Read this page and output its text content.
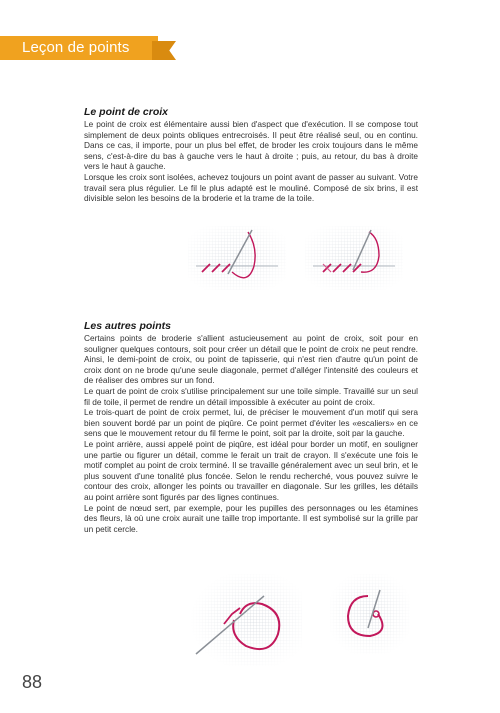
Leçon de points
Le point de croix

Le point de croix est élémentaire aussi bien d'aspect que d'exécution. Il se compose tout simplement de deux points obliques entrecroisés. Il peut être réalisé seul, ou en continu. Dans ce cas, il importe, pour un plus bel effet, de broder les croix toujours dans le même sens, c'est-à-dire du bas à gauche vers le haut à droite ; puis, au retour, du bas à droite vers le haut à gauche.

Lorsque les croix sont isolées, achevez toujours un point avant de passer au suivant. Votre travail sera plus régulier. Le fil le plus adapté est le mouliné. Composé de six brins, il est divisible selon les besoins de la broderie et la trame de la toile.

Les autres points

Certains points de broderie s'allient astucieusement au point de croix, soit pour en souligner quelques contours, soit pour créer un détail que le point de croix ne peut rendre. Ainsi, le demi-point de croix, ou point de tapisserie, qui n'est rien d'autre qu'un point de croix dont on ne brode qu'une seule diagonale, permet d'alléger l'intensité des couleurs et de réaliser des ombres sur un fond.

Le quart de point de croix s'utilise principalement sur une toile simple. Travaillé sur un seul fil de toile, il permet de rendre un détail impossible à exécuter au point de croix.

Le trois-quart de point de croix permet, lui, de préciser le mouvement d'un motif qui sera bien souvent bordé par un point de piqûre. Ce point permet d'éviter les «escaliers» en ce sens que le mouvement retour du fil ferme le point, soit par la droite, soit par la gauche.

Le point arrière, aussi appelé point de piqûre, est idéal pour border un motif, en souligner une partie ou figurer un détail, comme le ferait un trait de crayon. Il s'exécute une fois le motif complet au point de croix terminé. Il se travaille généralement avec un seul brin, et le plus souvent d'une tonalité plus foncée. Selon le rendu recherché, vous pouvez suivre le contour des croix, allonger les points ou travailler en diagonale. Sur les grilles, les détails au point arrière sont figurés par des lignes continues.

Le point de nœud sert, par exemple, pour les pupilles des personnages ou les étamines des fleurs, là où une croix aurait une taille trop importante. Il est symbolisé sur la grille par un petit cercle.

88
